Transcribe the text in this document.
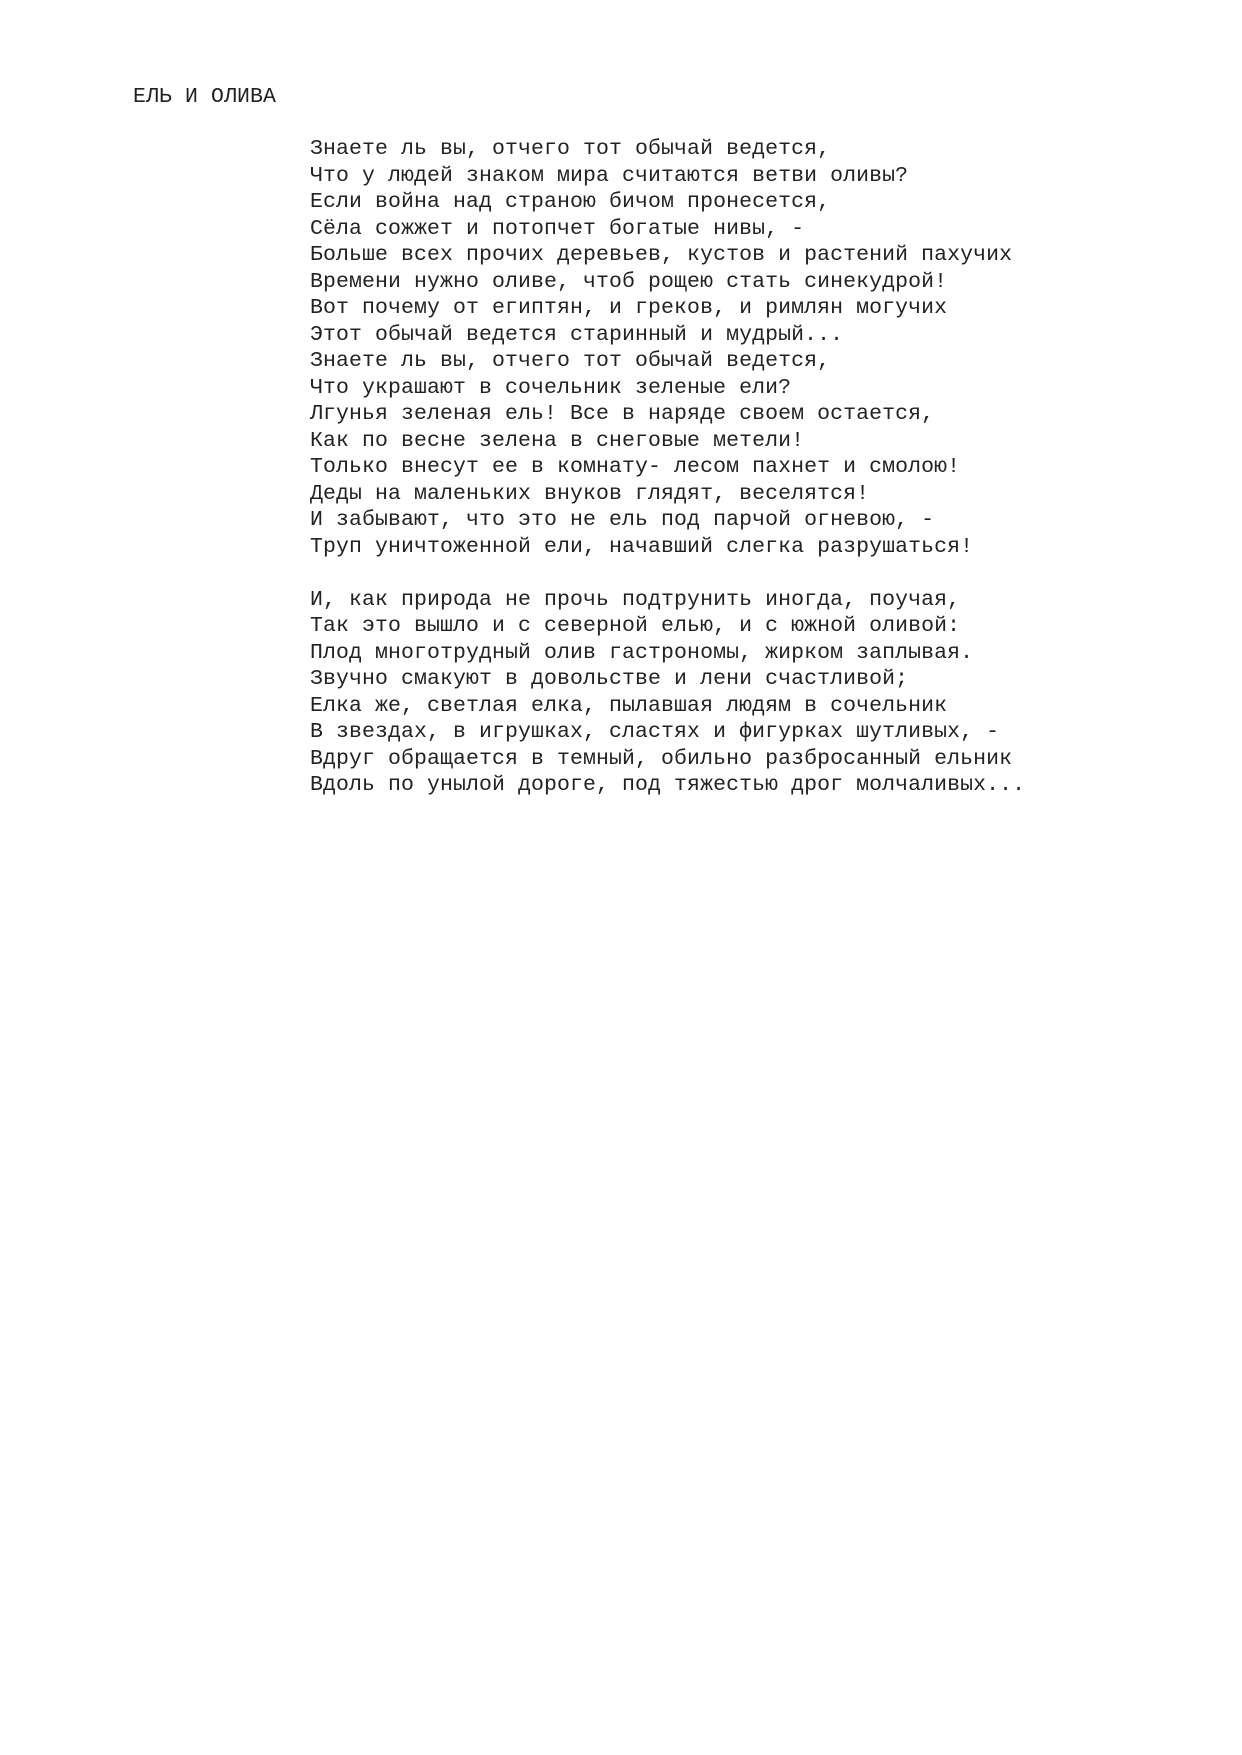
ЕЛЬ И ОЛИВА
Знаете ль вы, отчего тот обычай ведется,
Что у людей знаком мира считаются ветви оливы?
Если война над страною бичом пронесется,
Сёла сожжет и потопчет богатые нивы, -
Больше всех прочих деревьев, кустов и растений пахучих
Времени нужно оливе, чтоб рощею стать синекудрой!
Вот почему от египтян, и греков, и римлян могучих
Этот обычай ведется старинный и мудрый...
Знаете ль вы, отчего тот обычай ведется,
Что украшают в сочельник зеленые ели?
Лгунья зеленая ель! Все в наряде своем остается,
Как по весне зелена в снеговые метели!
Только внесут ее в комнату- лесом пахнет и смолою!
Деды на маленьких внуков глядят, веселятся!
И забывают, что это не ель под парчой огневою, -
Труп уничтоженной ели, начавший слегка разрушаться!
И, как природа не прочь подтрунить иногда, поучая,
Так это вышло и с северной елью, и с южной оливой:
Плод многотрудный олив гастрономы, жирком заплывая.
Звучно смакуют в довольстве и лени счастливой;
Елка же, светлая елка, пылавшая людям в сочельник
В звездах, в игрушках, сластях и фигурках шутливых, -
Вдруг обращается в темный, обильно разбросанный ельник
Вдоль по унылой дороге, под тяжестью дрог молчаливых...
